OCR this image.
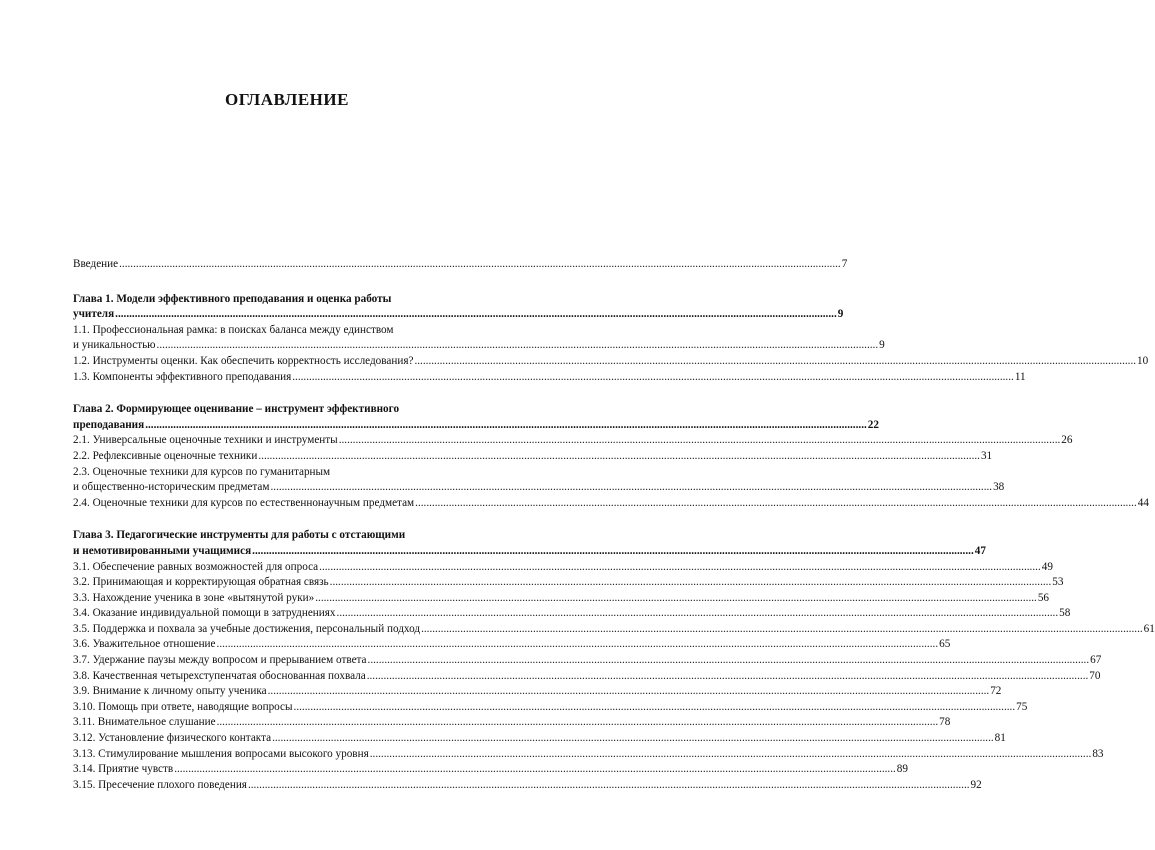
ОГЛАВЛЕНИЕ
Введение .....	7
Глава 1. Модели эффективного преподавания и оценка работы
учителя .....	9
1.1. Профессиональная рамка: в поисках баланса между единством
и уникальностью .....	9
1.2. Инструменты оценки. Как обеспечить корректность исследования? .....	10
1.3. Компоненты эффективного преподавания .....	11
Глава 2. Формирующее оценивание – инструмент эффективного
преподавания .....	22
2.1. Универсальные оценочные техники и инструменты .....	26
2.2. Рефлексивные оценочные техники .....	31
2.3. Оценочные техники для курсов по гуманитарным
и общественно-историческим предметам .....	38
2.4. Оценочные техники для курсов по естественнонаучным предметам .....	44
Глава 3. Педагогические инструменты для работы с отстающими
и немотивированными учащимися .....	47
3.1. Обеспечение равных возможностей для опроса .....	49
3.2. Принимающая и корректирующая обратная связь .....	53
3.3. Нахождение ученика в зоне «вытянутой руки» .....	56
3.4. Оказание индивидуальной помощи в затруднениях .....	58
3.5. Поддержка и похвала за учебные достижения, персональный подход .....	61
3.6. Уважительное отношение .....	65
3.7. Удержание паузы между вопросом и прерыванием ответа .....	67
3.8. Качественная четырехступенчатая обоснованная похвала .....	70
3.9. Внимание к личному опыту ученика .....	72
3.10. Помощь при ответе, наводящие вопросы .....	75
3.11. Внимательное слушание .....	78
3.12. Установление физического контакта .....	81
3.13. Стимулирование мышления вопросами высокого уровня .....	83
3.14. Приятие чувств .....	89
3.15. Пресечение плохого поведения .....	92
